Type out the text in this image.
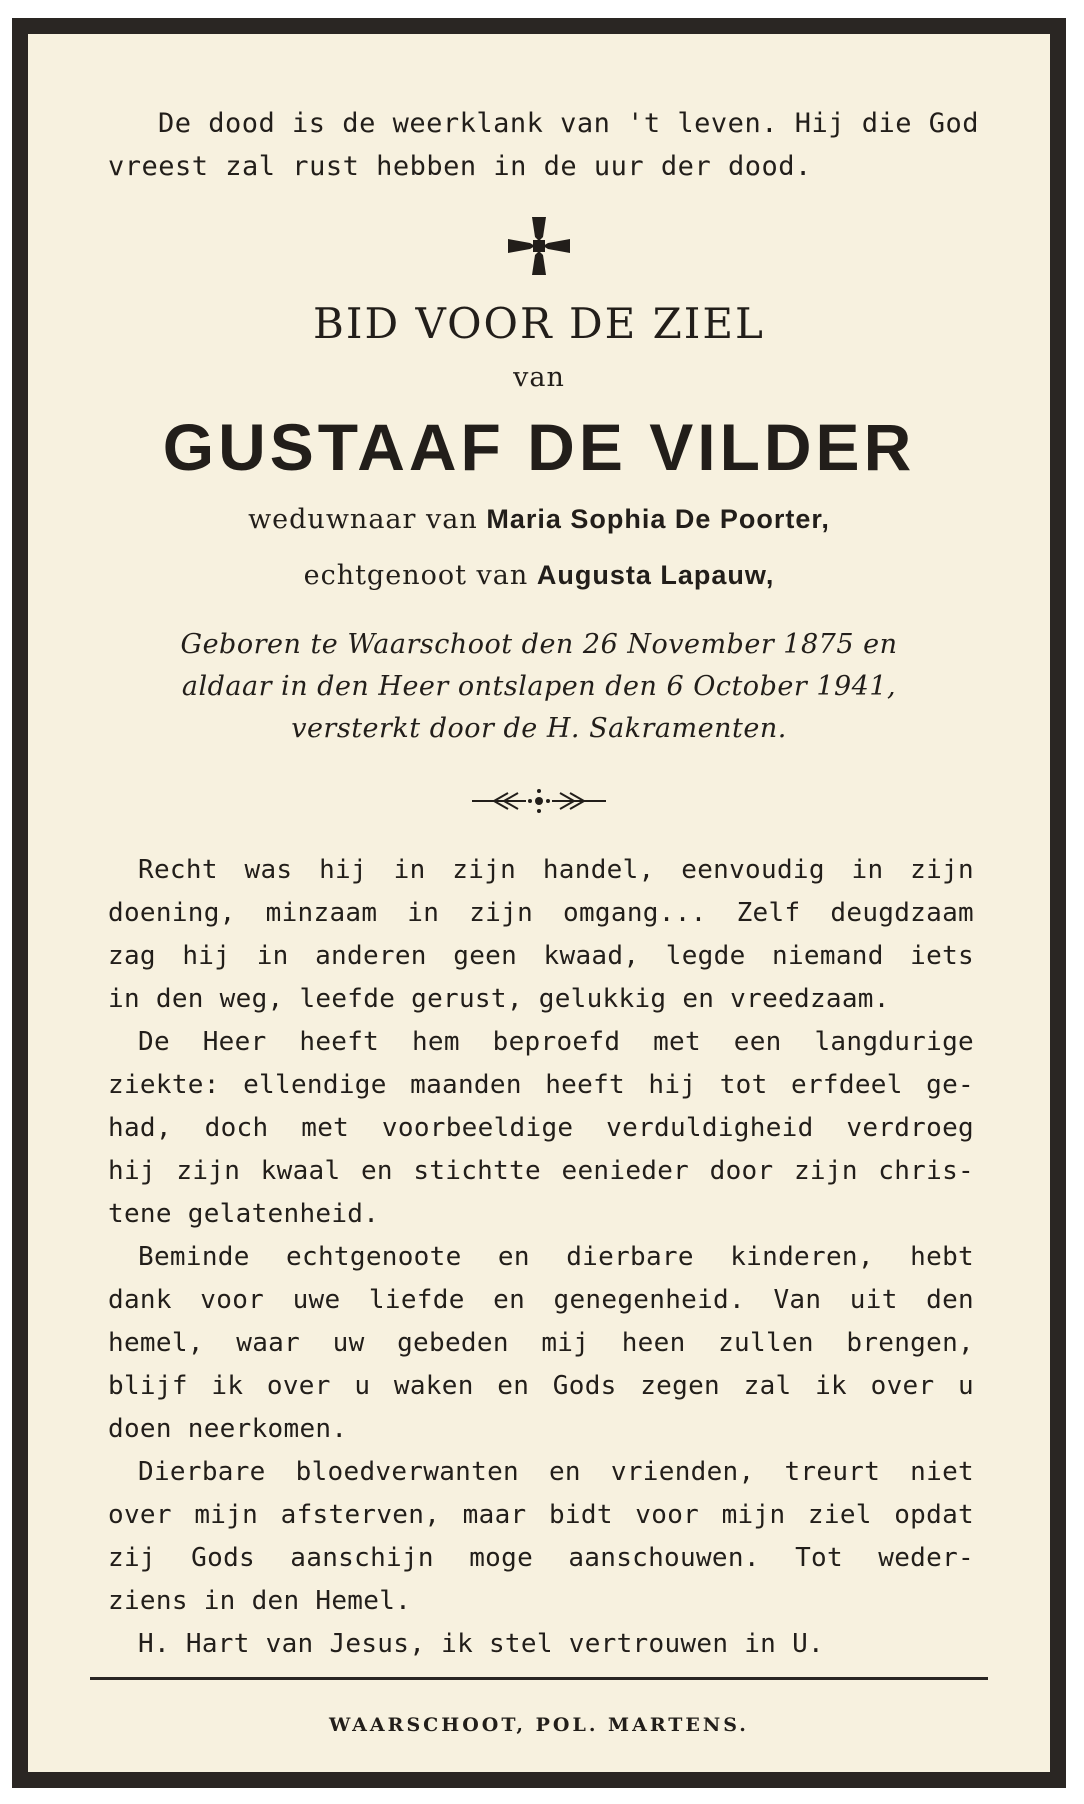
De dood is de weerklank van 't leven. Hij die God

vreest zal rust hebben in de uur der dood.

BID VOOR DE ZIEL
van
GUSTAAF DE VILDER
weduwnaar van Maria Sophia De Poorter,
echtgenoot van Augusta Lapauw,

Geboren te Waarschoot den 26 November 1875 en

aldaar in den Heer ontslapen den 6 October 1941,

versterkt door de H. Sakramenten.

Recht was hij in zijn handel, eenvoudig in zijn
doening, minzaam in zijn omgang... Zelf deugdzaam
zag hij in anderen geen kwaad, legde niemand iets
in den weg, leefde gerust, gelukkig en vreedzaam.

De Heer heeft hem beproefd met een langdurige
ziekte: ellendige maanden heeft hij tot erfdeel ge-
had, doch met voorbeeldige verduldigheid verdroeg
hij zijn kwaal en stichtte eenieder door zijn chris-
tene gelatenheid.

Beminde echtgenoote en dierbare kinderen, hebt
dank voor uwe liefde en genegenheid. Van uit den
hemel, waar uw gebeden mij heen zullen brengen,
blijf ik over u waken en Gods zegen zal ik over u
doen neerkomen.

Dierbare bloedverwanten en vrienden, treurt niet
over mijn afsterven, maar bidt voor mijn ziel opdat
zij Gods aanschijn moge aanschouwen. Tot weder-
ziens in den Hemel.

H. Hart van Jesus, ik stel vertrouwen in U.

WAARSCHOOT, POL. MARTENS.
